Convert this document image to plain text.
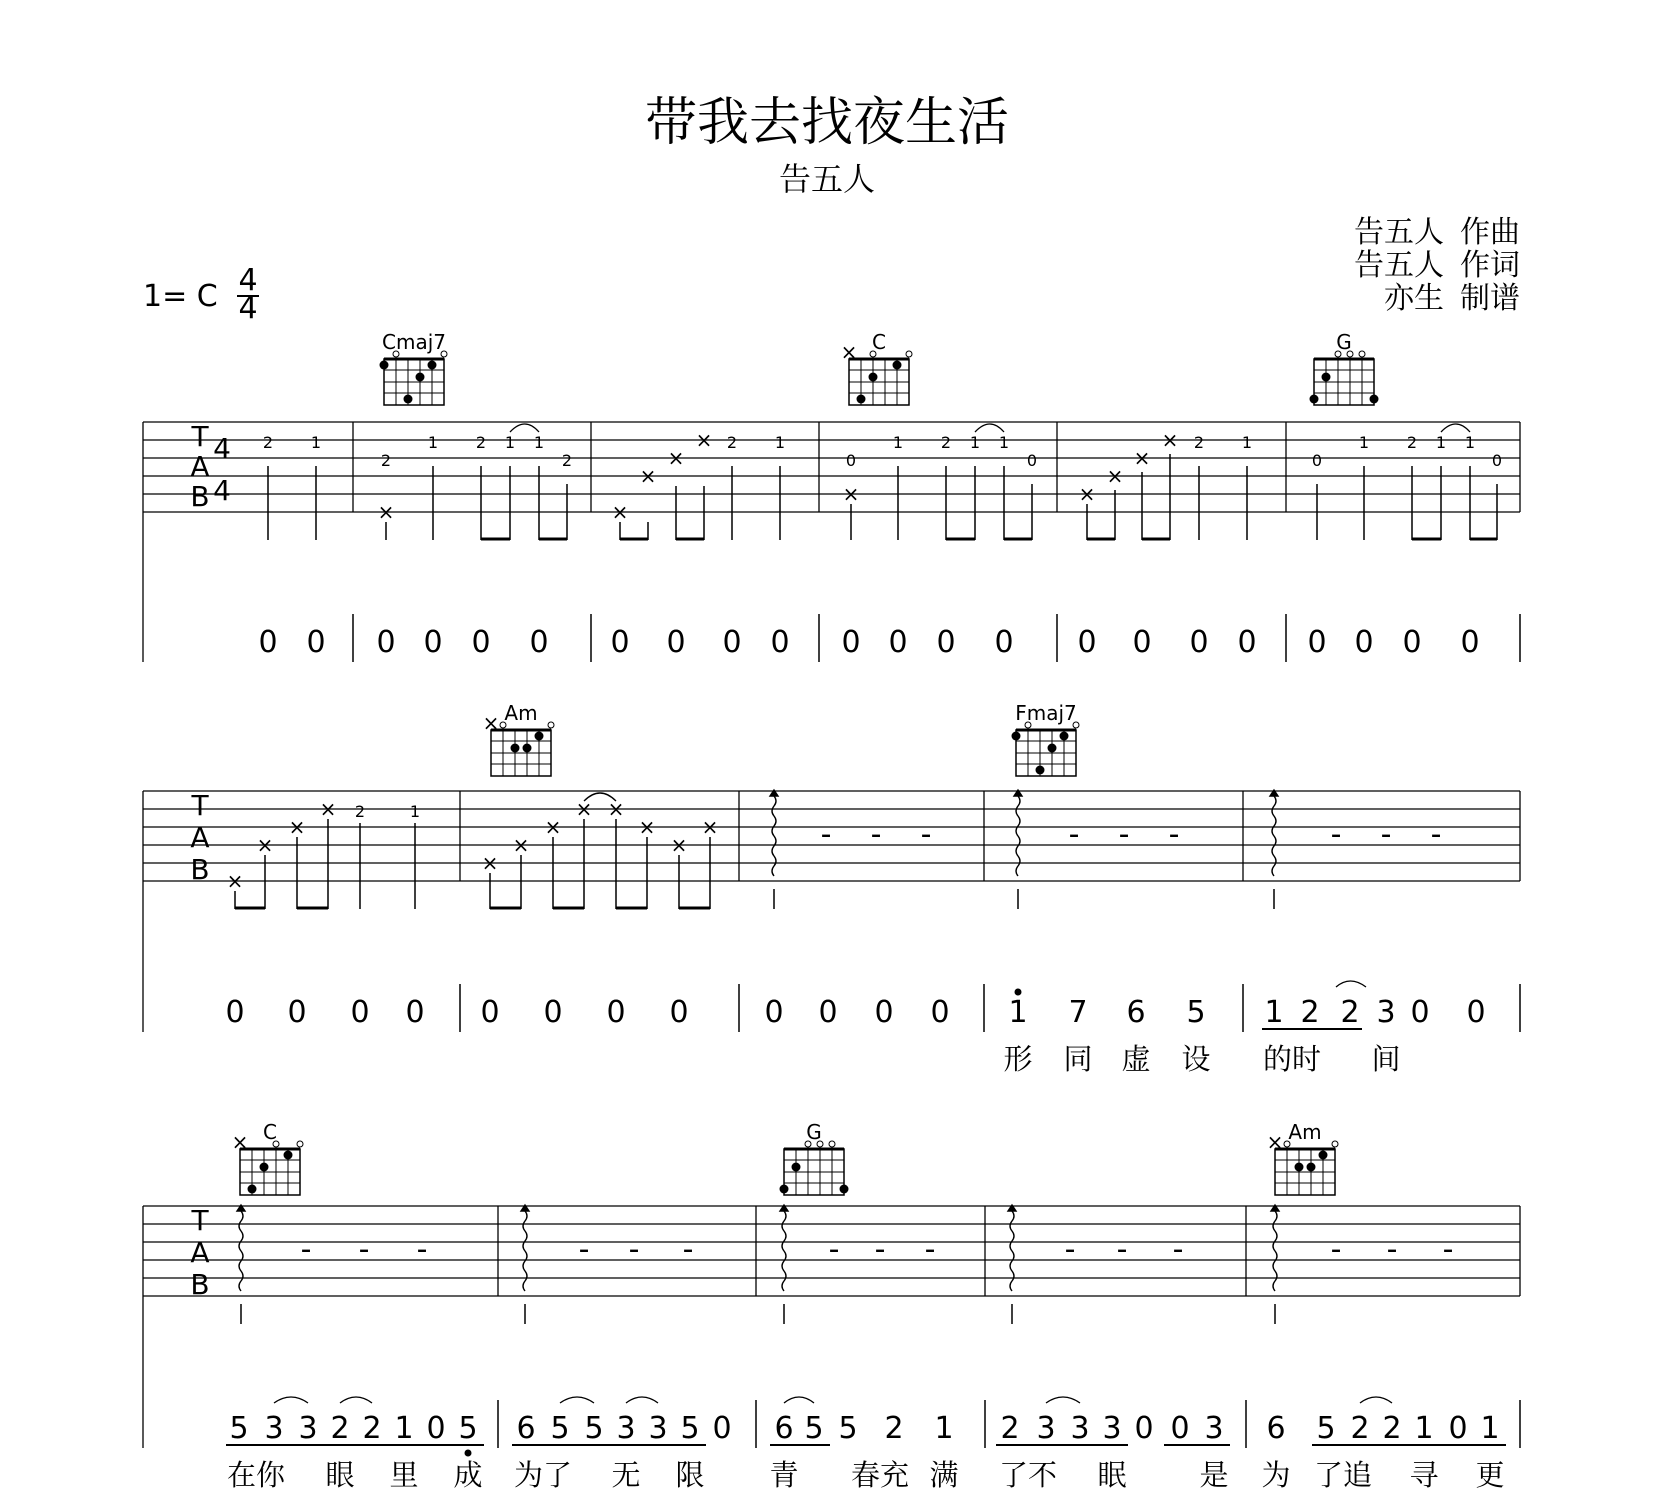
带我去找夜生活
告五人
告五人 作曲
告五人 作词
亦生 制谱
1= C 4
4
Cmaj7	C
×	G
T
A
B
4
4
2 1
2
1 2 1 1
2
2 1
0
1 2 1 1
0
2 1
0
1 2 1 1
0
×	×
×
×
×
×	×
×
×
×
0 0 0 0 0 0 0 0 0 0 0 0 0 0 0 0 0 0 0 0 0 0
Am
×	Fmaj7
T
A
B
2	1
×
×
×
×
×
×
×
× ×
×
×
×	- - -	- - -	- - -
0 0 0 0 0 0 0 0	0 0 0 0 1 7 6 5 1 2 2 3 0 0
形 同 虚 设 的时 间
C
×	G	Am
×
T
A
B
- - -	- - -	- - -	- - -	- - -
5 3 3 2 2 1 0 5 6 5 5 3 3 5 0 6 5 5 2 1 2 3 3 3 0 0 3 6 5 2 2 1 0 1
在你 眼 里 成 为了 无 限 青 春充 满 了不 眠	是 为 了追 寻 更
